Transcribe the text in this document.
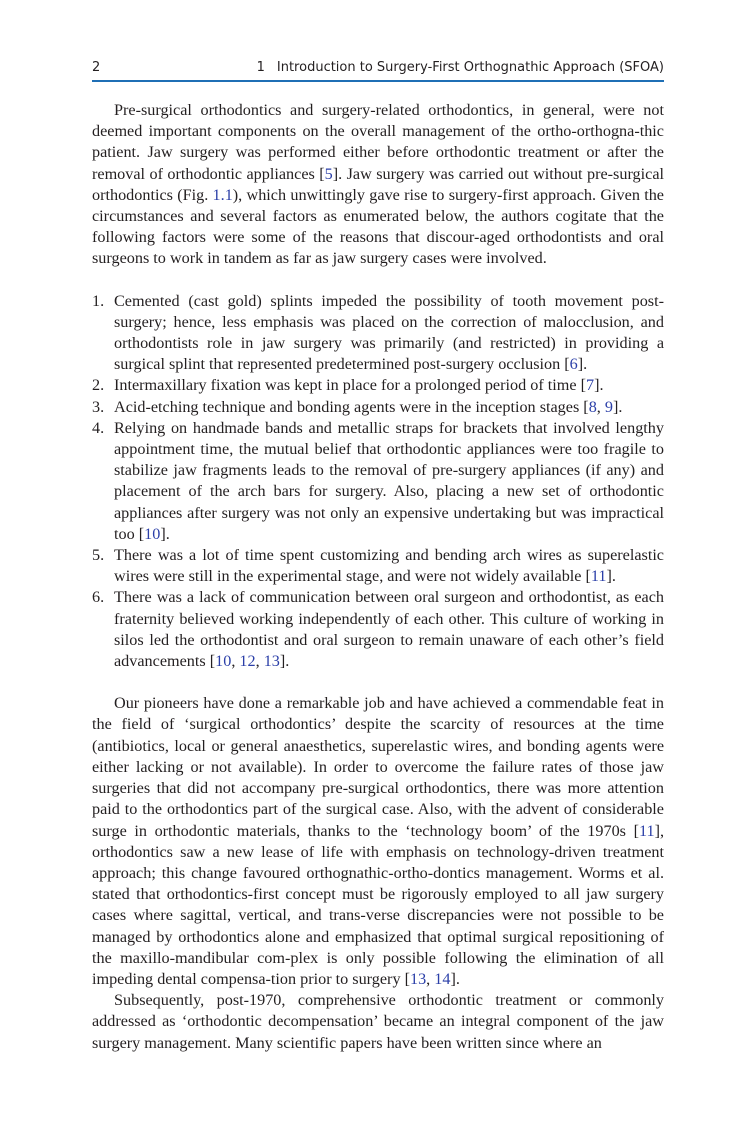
2	1 Introduction to Surgery-First Orthognathic Approach (SFOA)

Pre-surgical orthodontics and surgery-related orthodontics, in general, were not deemed important components on the overall management of the ortho-orthogna-thic patient. Jaw surgery was performed either before orthodontic treatment or after the removal of orthodontic appliances [5]. Jaw surgery was carried out without pre-surgical orthodontics (Fig. 1.1), which unwittingly gave rise to surgery-first approach. Given the circumstances and several factors as enumerated below, the authors cogitate that the following factors were some of the reasons that discour-aged orthodontists and oral surgeons to work in tandem as far as jaw surgery cases were involved.

1. Cemented (cast gold) splints impeded the possibility of tooth movement post-surgery; hence, less emphasis was placed on the correction of malocclusion, and orthodontists role in jaw surgery was primarily (and restricted) in providing a surgical splint that represented predetermined post-surgery occlusion [6].
2. Intermaxillary fixation was kept in place for a prolonged period of time [7].
3. Acid-etching technique and bonding agents were in the inception stages [8, 9].
4. Relying on handmade bands and metallic straps for brackets that involved lengthy appointment time, the mutual belief that orthodontic appliances were too fragile to stabilize jaw fragments leads to the removal of pre-surgery appliances (if any) and placement of the arch bars for surgery. Also, placing a new set of orthodontic appliances after surgery was not only an expensive undertaking but was impractical too [10].
5. There was a lot of time spent customizing and bending arch wires as superelastic wires were still in the experimental stage, and were not widely available [11].
6. There was a lack of communication between oral surgeon and orthodontist, as each fraternity believed working independently of each other. This culture of working in silos led the orthodontist and oral surgeon to remain unaware of each other’s field advancements [10, 12, 13].

Our pioneers have done a remarkable job and have achieved a commendable feat in the field of ‘surgical orthodontics’ despite the scarcity of resources at the time (antibiotics, local or general anaesthetics, superelastic wires, and bonding agents were either lacking or not available). In order to overcome the failure rates of those jaw surgeries that did not accompany pre-surgical orthodontics, there was more attention paid to the orthodontics part of the surgical case. Also, with the advent of considerable surge in orthodontic materials, thanks to the ‘technology boom’ of the 1970s [11], orthodontics saw a new lease of life with emphasis on technology-driven treatment approach; this change favoured orthognathic-ortho-dontics management. Worms et al. stated that orthodontics-first concept must be rigorously employed to all jaw surgery cases where sagittal, vertical, and trans-verse discrepancies were not possible to be managed by orthodontics alone and emphasized that optimal surgical repositioning of the maxillo-mandibular com-plex is only possible following the elimination of all impeding dental compensa-tion prior to surgery [13, 14].

Subsequently, post-1970, comprehensive orthodontic treatment or commonly addressed as ‘orthodontic decompensation’ became an integral component of the jaw surgery management. Many scientific papers have been written since where an
